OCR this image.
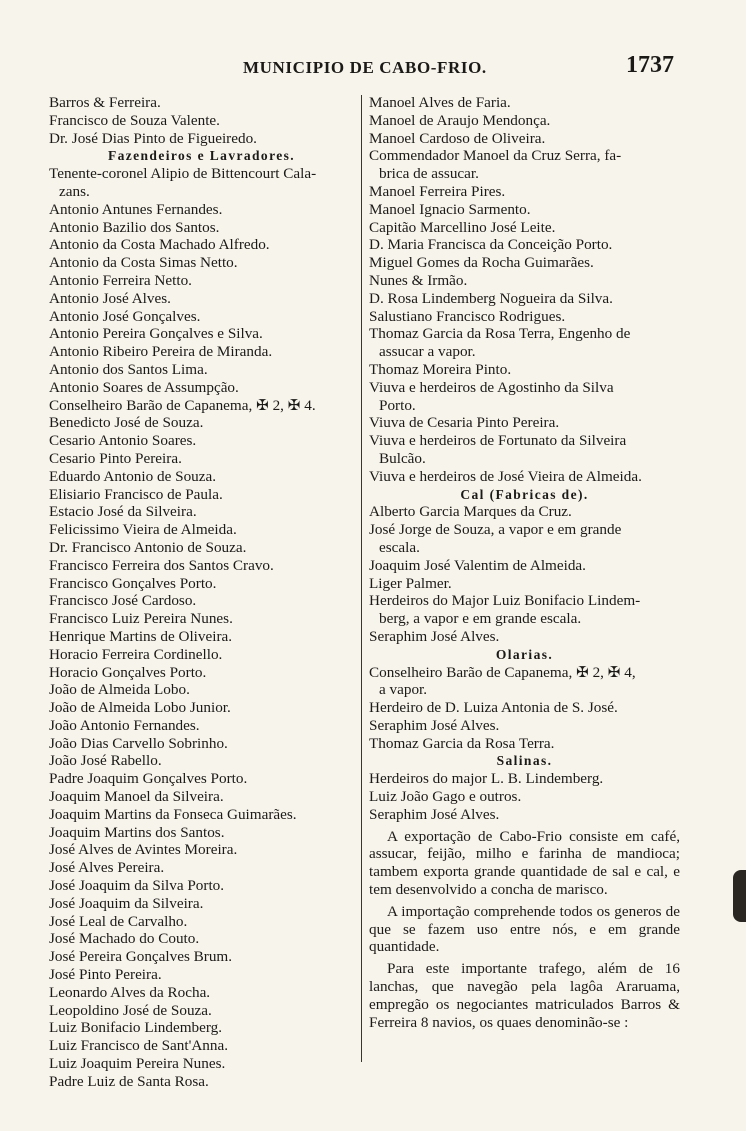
MUNICIPIO DE CABO-FRIO.	1737
Barros & Ferreira.
Francisco de Souza Valente.
Dr. José Dias Pinto de Figueiredo.
Fazendeiros e Lavradores.
Tenente-coronel Alipio de Bittencourt Cala-
zans.
Antonio Antunes Fernandes.
Antonio Bazilio dos Santos.
Antonio da Costa Machado Alfredo.
Antonio da Costa Simas Netto.
Antonio Ferreira Netto.
Antonio José Alves.
Antonio José Gonçalves.
Antonio Pereira Gonçalves e Silva.
Antonio Ribeiro Pereira de Miranda.
Antonio dos Santos Lima.
Antonio Soares de Assumpção.
Conselheiro Barão de Capanema, ✠ 2, ✠ 4.
Benedicto José de Souza.
Cesario Antonio Soares.
Cesario Pinto Pereira.
Eduardo Antonio de Souza.
Elisiario Francisco de Paula.
Estacio José da Silveira.
Felicissimo Vieira de Almeida.
Dr. Francisco Antonio de Souza.
Francisco Ferreira dos Santos Cravo.
Francisco Gonçalves Porto.
Francisco José Cardoso.
Francisco Luiz Pereira Nunes.
Henrique Martins de Oliveira.
Horacio Ferreira Cordinello.
Horacio Gonçalves Porto.
João de Almeida Lobo.
João de Almeida Lobo Junior.
João Antonio Fernandes.
João Dias Carvello Sobrinho.
João José Rabello.
Padre Joaquim Gonçalves Porto.
Joaquim Manoel da Silveira.
Joaquim Martins da Fonseca Guimarães.
Joaquim Martins dos Santos.
José Alves de Avintes Moreira.
José Alves Pereira.
José Joaquim da Silva Porto.
José Joaquim da Silveira.
José Leal de Carvalho.
José Machado do Couto.
José Pereira Gonçalves Brum.
José Pinto Pereira.
Leonardo Alves da Rocha.
Leopoldino José de Souza.
Luiz Bonifacio Lindemberg.
Luiz Francisco de Sant'Anna.
Luiz Joaquim Pereira Nunes.
Padre Luiz de Santa Rosa.
Manoel Alves de Faria.
Manoel de Araujo Mendonça.
Manoel Cardoso de Oliveira.
Commendador Manoel da Cruz Serra, fa-
brica de assucar.
Manoel Ferreira Pires.
Manoel Ignacio Sarmento.
Capitão Marcellino José Leite.
D. Maria Francisca da Conceição Porto.
Miguel Gomes da Rocha Guimarães.
Nunes & Irmão.
D. Rosa Lindemberg Nogueira da Silva.
Salustiano Francisco Rodrigues.
Thomaz Garcia da Rosa Terra, Engenho de
assucar a vapor.
Thomaz Moreira Pinto.
Viuva e herdeiros de Agostinho da Silva
Porto.
Viuva de Cesaria Pinto Pereira.
Viuva e herdeiros de Fortunato da Silveira
Bulcão.
Viuva e herdeiros de José Vieira de Almeida.
Cal (Fabricas de).
Alberto Garcia Marques da Cruz.
José Jorge de Souza, a vapor e em grande
escala.
Joaquim José Valentim de Almeida.
Liger Palmer.
Herdeiros do Major Luiz Bonifacio Lindem-
berg, a vapor e em grande escala.
Seraphim José Alves.
Olarias.
Conselheiro Barão de Capanema, ✠ 2, ✠ 4,
a vapor.
Herdeiro de D. Luiza Antonia de S. José.
Seraphim José Alves.
Thomaz Garcia da Rosa Terra.
Salinas.
Herdeiros do major L. B. Lindemberg.
Luiz João Gago e outros.
Seraphim José Alves.
A exportação de Cabo-Frio consiste em café, assucar, feijão, milho e farinha de mandioca; tambem exporta grande quantidade de sal e cal, e tem desenvolvido a concha de marisco.
A importação comprehende todos os generos de que se fazem uso entre nós, e em grande quantidade.
Para este importante trafego, além de 16 lanchas, que navegão pela lagôa Araruama, empregão os negociantes matriculados Barros & Ferreira 8 navios, os quaes denominão-se :
